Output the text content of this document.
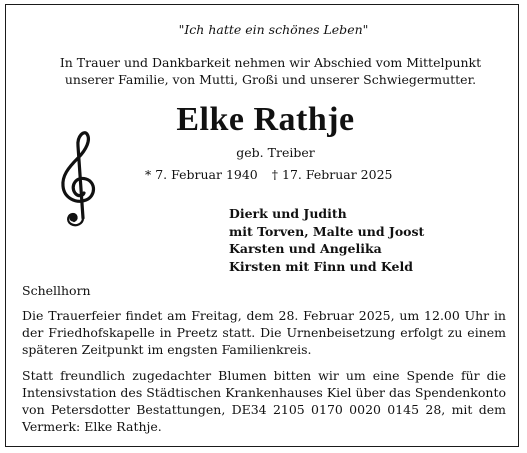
"Ich hatte ein schönes Leben"
In Trauer und Dankbarkeit nehmen wir Abschied vom Mittelpunkt
unserer Familie, von Mutti, Großi und unserer Schwiegermutter.
Elke Rathje
geb. Treiber
* 7. Februar 1940 † 17. Februar 2025
Dierk und Judith
mit Torven, Malte und Joost
Karsten und Angelika
Kirsten mit Finn und Keld
Schellhorn
Die Trauerfeier findet am Freitag, dem 28. Februar 2025, um 12.00 Uhr in der Friedhofskapelle in Preetz statt. Die Urnenbeisetzung erfolgt zu einem späteren Zeitpunkt im engsten Familienkreis.
Statt freundlich zugedachter Blumen bitten wir um eine Spende für die Intensivstation des Städtischen Krankenhauses Kiel über das Spendenkonto von Petersdotter Bestattungen, DE34 2105 0170 0020 0145 28, mit dem Vermerk: Elke Rathje.
